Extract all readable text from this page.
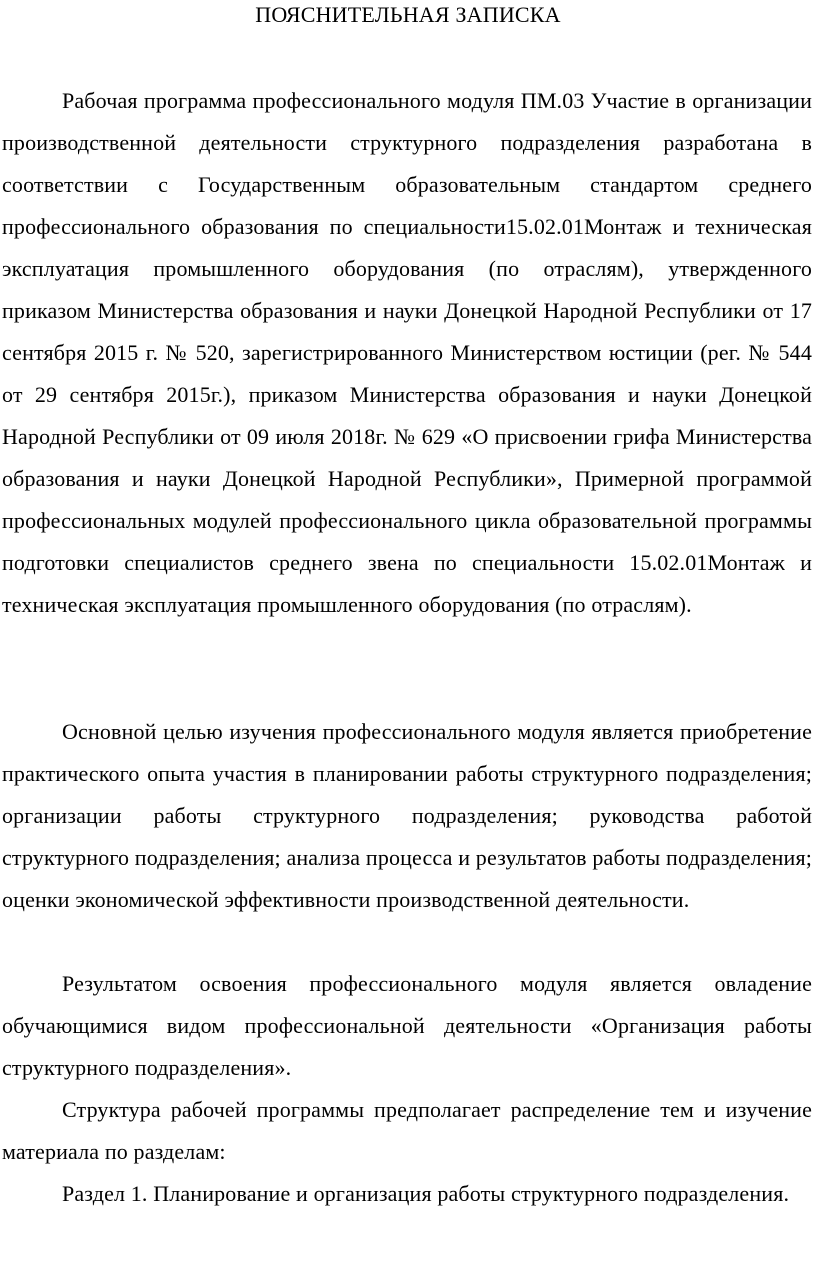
ПОЯСНИТЕЛЬНАЯ ЗАПИСКА

Рабочая программа профессионального модуля ПМ.03 Участие в организации производственной деятельности структурного подразделения разработана в соответствии с Государственным образовательным стандартом среднего профессионального образования по специальности15.02.01Монтаж и техническая эксплуатация промышленного оборудования (по отраслям), утвержденного приказом Министерства образования и науки Донецкой Народной Республики от 17 сентября 2015 г. № 520, зарегистрированного Министерством юстиции (рег. № 544 от 29 сентября 2015г.), приказом Министерства образования и науки Донецкой Народной Республики от 09 июля 2018г. № 629 «О присвоении грифа Министерства образования и науки Донецкой Народной Республики», Примерной программой профессиональных модулей профессионального цикла образовательной программы подготовки специалистов среднего звена по специальности 15.02.01Монтаж и техническая эксплуатация промышленного оборудования (по отраслям).

Основной целью изучения профессионального модуля является приобретение практического опыта участия в планировании работы структурного подразделения; организации работы структурного подразделения; руководства работой структурного подразделения; анализа процесса и результатов работы подразделения; оценки экономической эффективности производственной деятельности.

Результатом освоения профессионального модуля является овладение обучающимися видом профессиональной деятельности «Организация работы структурного подразделения».

Структура рабочей программы предполагает распределение тем и изучение материала по разделам:

Раздел 1. Планирование и организация работы структурного подразделения.
